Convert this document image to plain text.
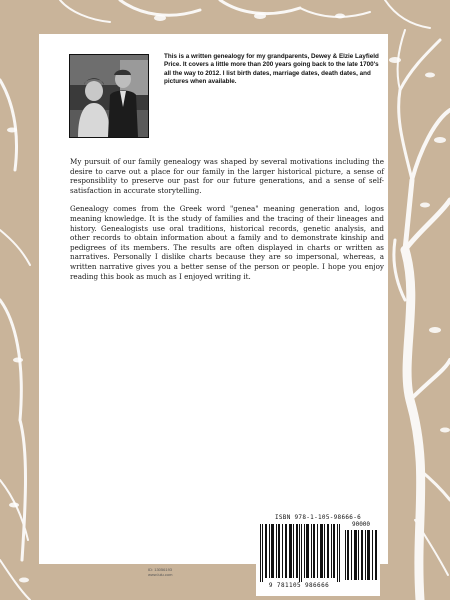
This is a written genealogy for my grandparents, Dewey & Elzie Layfield Price. It covers a little more than 200 years going back to the late 1700's all the way to 2012. I list birth dates, marriage dates, death dates, and pictures when available.

My pursuit of our family genealogy was shaped by several motivations including the desire to carve out a place for our family in the larger historical picture, a sense of responsiblity to preserve our past for our future generations, and a sense of self-satisfaction in accurate storytelling.

Genealogy comes from the Greek word "genea" meaning generation and, logos meaning knowledge. It is the study of families and the tracing of their lineages and history. Genealogists use oral traditions, historical records, genetic analysis, and other records to obtain information about a family and to demonstrate kinship and pedigrees of its members. The results are often displayed in charts or written as narratives. Personally I dislike charts because they are so impersonal, whereas, a written narrative gives you a better sense of the person or people. I hope you enjoy reading this book as much as I enjoyed writing it.

ID: 13056193
www.lulu.com
ISBN 978-1-105-98666-6
90000
9 781105 986666
